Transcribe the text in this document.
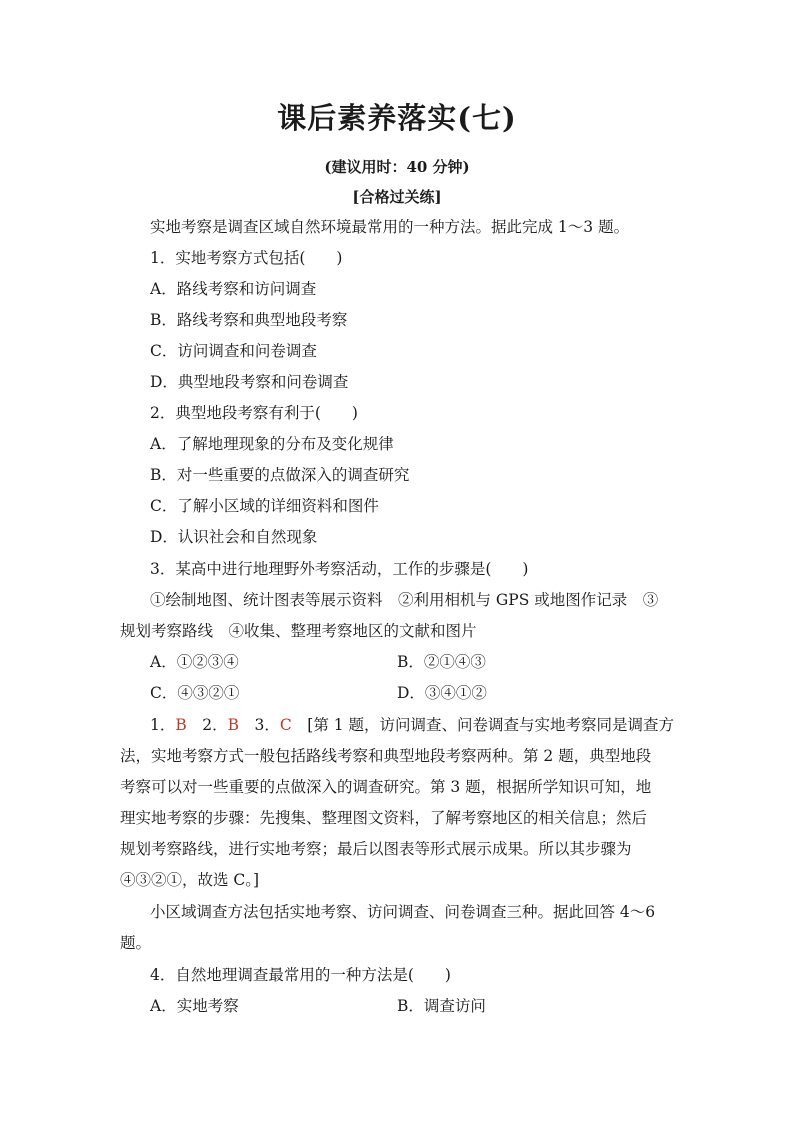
课后素养落实(七)
(建议用时：40 分钟)
[合格过关练]
实地考察是调查区域自然环境最常用的一种方法。据此完成 1～3 题。
1．实地考察方式包括(　　)
A．路线考察和访问调查
B．路线考察和典型地段考察
C．访问调查和问卷调查
D．典型地段考察和问卷调查
2．典型地段考察有利于(　　)
A．了解地理现象的分布及变化规律
B．对一些重要的点做深入的调查研究
C．了解小区域的详细资料和图件
D．认识社会和自然现象
3．某高中进行地理野外考察活动，工作的步骤是(　　)
①绘制地图、统计图表等展示资料　②利用相机与 GPS 或地图作记录　③
规划考察路线　④收集、整理考察地区的文献和图片
A．①②③④	B．②①④③
C．④③②①	D．③④①②
1．B　2．B　3．C　[第 1 题，访问调查、问卷调查与实地考察同是调查方
法，实地考察方式一般包括路线考察和典型地段考察两种。第 2 题，典型地段
考察可以对一些重要的点做深入的调查研究。第 3 题，根据所学知识可知，地
理实地考察的步骤：先搜集、整理图文资料，了解考察地区的相关信息；然后
规划考察路线，进行实地考察；最后以图表等形式展示成果。所以其步骤为
④③②①，故选 C。]
小区域调查方法包括实地考察、访问调查、问卷调查三种。据此回答 4～6
题。
4．自然地理调查最常用的一种方法是(　　)
A．实地考察	B．调查访问
